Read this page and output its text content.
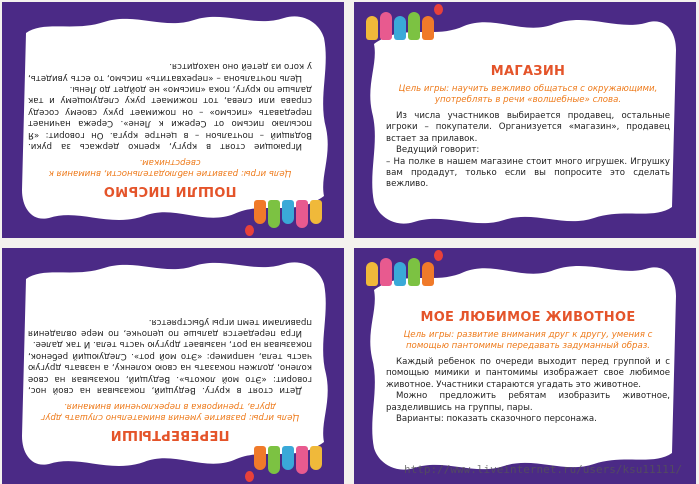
ПОШЛИ ПИСЬМО
Цель игры: развитие наблюдательности, внимания к сверстникам.

Играющие стоят в кругу, крепко держась за руки. Водящий – почтальон – в центре круга. Он говорит: «Я посылаю письмо от Сережи к Лене». Сережа начинает передавать «письмо» – он пожимает руку своему соседу справа или слева, тот пожимает руку следующему и так дальше по кругу, пока «письмо» не дойдет до Лены.

Цель почтальона – «перехватить» письмо, то есть увидеть, у кого из детей оно находится.	МАГАЗИН
Цель игры: научить вежливо общаться с окружающими, употреблять в речи «волшебные» слова.

Из числа участников выбирается продавец, остальные игроки – покупатели. Организуется «магазин», продавец встает за прилавок.

Ведущий говорит:

– На полке в нашем магазине стоит много игрушек. Игрушку вам продадут, только если вы попросите это сделать вежливо.

ПЕРЕВЕРТЫШИ
Цель игры: развитие умения внимательно слушать друг друга, тренировка в переключении внимания.

Дети стоят в кругу. Ведущий, показывая на свой нос, говорит: «Это мой локоть». Ведущий, показывая на свое колено, должен показать на свою коленку, а назвать другую часть тела, например: «Это мой рот». Следующий ребенок, показывая на рот, называет другую часть тела. И так далее.

Игра передается дальше по цепочке, по мере овладения правилами темп игры убыстряется.	МОЕ ЛЮБИМОЕ ЖИВОТНОЕ
Цель игры: развитие внимания друг к другу, умения с помощью пантомимы передавать задуманный образ.

Каждый ребенок по очереди выходит перед группой и с помощью мимики и пантомимы изображает свое любимое животное. Участники стараются угадать это животное.

Можно предложить ребятам изобразить животное, разделившись на группы, пары.

Варианты: показать сказочного персонажа.

http://www.liveinternet.ru/users/ksu11111/
